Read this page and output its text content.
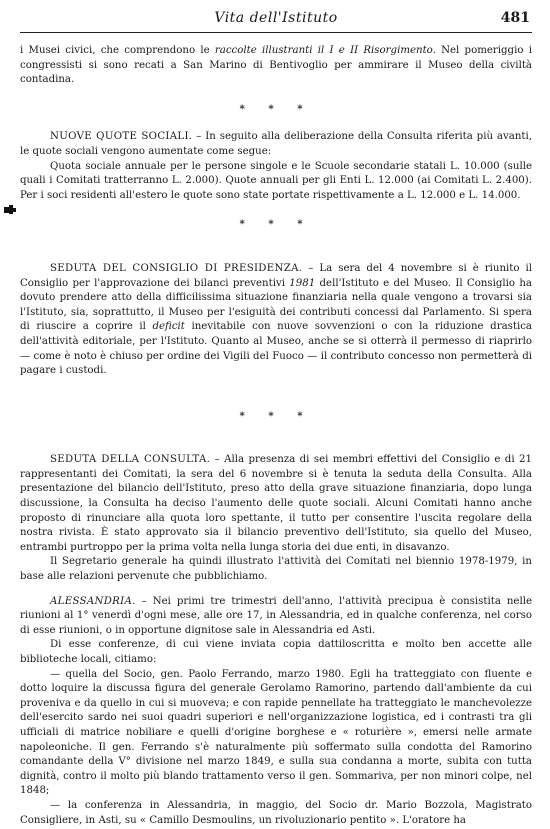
Vita dell'Istituto	481

i Musei civici, che comprendono le raccolte illustranti il I e II Risorgimento. Nel pomeriggio i congressisti si sono recati a San Marino di Bentivoglio per ammirare il Museo della civiltà contadina.

* * *

NUOVE QUOTE SOCIALI. – In seguito alla deliberazione della Consulta riferita più avanti, le quote sociali vengono aumentate come segue:

Quota sociale annuale per le persone singole e le Scuole secondarie statali L. 10.000 (sulle quali i Comitati tratterranno L. 2.000). Quote annuali per gli Enti L. 12.000 (ai Comitati L. 2.400). Per i soci residenti all'estero le quote sono state portate rispettivamente a L. 12.000 e L. 14.000.

* * *

SEDUTA DEL CONSIGLIO DI PRESIDENZA. – La sera del 4 novembre si è riunito il Consiglio per l'approvazione dei bilanci preventivi 1981 dell'Istituto e del Museo. Il Consiglio ha dovuto prendere atto della difficilissima situazione finanziaria nella quale vengono a trovarsi sia l'Istituto, sia, soprattutto, il Museo per l'esiguità dei contributi concessi dal Parlamento. Si spera di riuscire a coprire il deficit inevitabile con nuove sovvenzioni o con la riduzione drastica dell'attività editoriale, per l'Istituto. Quanto al Museo, anche se si otterrà il permesso di riaprirlo — come è noto è chiuso per ordine dei Vigili del Fuoco — il contributo concesso non permetterà di pagare i custodi.

* * *

SEDUTA DELLA CONSULTA. – Alla presenza di sei membri effettivi del Consiglio e di 21 rappresentanti dei Comitati, la sera del 6 novembre si è tenuta la seduta della Consulta. Alla presentazione del bilancio dell'Istituto, preso atto della grave situazione finanziaria, dopo lunga discussione, la Consulta ha deciso l'aumento delle quote sociali. Alcuni Comitati hanno anche proposto di rinunciare alla quota loro spettante, il tutto per consentire l'uscita regolare della nostra rivista. È stato approvato sia il bilancio preventivo dell'Istituto, sia quello del Museo, entrambi purtroppo per la prima volta nella lunga storia dei due enti, in disavanzo.

Il Segretario generale ha quindi illustrato l'attività dei Comitati nel biennio 1978-1979, in base alle relazioni pervenute che pubblichiamo.

ALESSANDRIA. – Nei primi tre trimestri dell'anno, l'attività precipua è consistita nelle riunioni al 1° venerdì d'ogni mese, alle ore 17, in Alessandria, ed in qualche conferenza, nel corso di esse riunioni, o in opportune dignitose sale in Alessandria ed Asti.

Di esse conferenze, di cui viene inviata copia dattiloscritta e molto ben accette alle biblioteche locali, citiamo:

— quella del Socio, gen. Paolo Ferrando, marzo 1980. Egli ha tratteggiato con fluente e dotto loquire la discussa figura del generale Gerolamo Ramorino, partendo dall'ambiente da cui proveniva e da quello in cui si muoveva; e con rapide pennellate ha tratteggiato le manchevolezze dell'esercito sardo nei suoi quadri superiori e nell'organizzazione logistica, ed i contrasti tra gli ufficiali di matrice nobiliare e quelli d'origine borghese e « roturière », emersi nelle armate napoleoniche. Il gen. Ferrando s'è naturalmente più soffermato sulla condotta del Ramorino comandante della V° divisione nel marzo 1849, e sulla sua condanna a morte, subita con tutta dignità, contro il molto più blando trattamento verso il gen. Sommariva, per non minori colpe, nel 1848;

— la conferenza in Alessandria, in maggio, del Socio dr. Mario Bozzola, Magistrato Consigliere, in Asti, su « Camillo Desmoulins, un rivoluzionario pentito ». L'oratore ha
